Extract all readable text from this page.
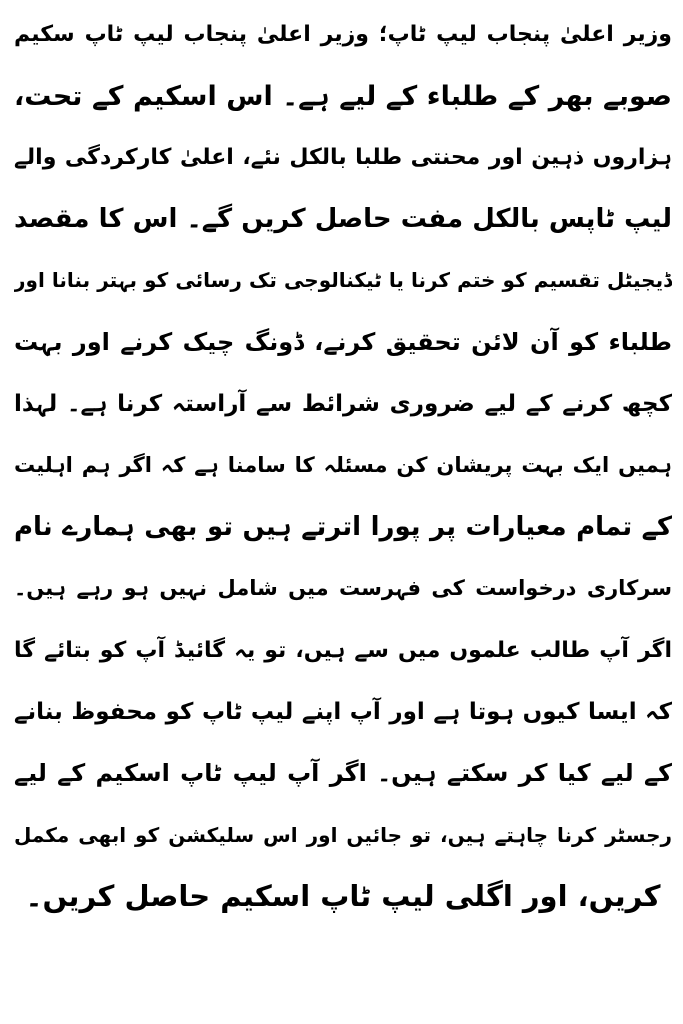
وزیر اعلیٰ پنجاب لیپ ٹاپ؛ وزیر اعلیٰ پنجاب لیپ ٹاپ سکیم
صوبے بھر کے طلباء کے لیے ہے۔ اس اسکیم کے تحت،
ہزاروں ذہین اور محنتی طلبا بالکل نئے، اعلیٰ کارکردگی والے
لیپ ٹاپس بالکل مفت حاصل کریں گے۔ اس کا مقصد
ڈیجیٹل تقسیم کو ختم کرنا یا ٹیکنالوجی تک رسائی کو بہتر بنانا اور
طلباء کو آن لائن تحقیق کرنے، ڈونگ چیک کرنے اور بہت
کچھ کرنے کے لیے ضروری شرائط سے آراستہ کرنا ہے۔ لہذا
ہمیں ایک بہت پریشان کن مسئلہ کا سامنا ہے کہ اگر ہم اہلیت
کے تمام معیارات پر پورا اترتے ہیں تو بھی ہمارے نام
سرکاری درخواست کی فہرست میں شامل نہیں ہو رہے ہیں۔
اگر آپ طالب علموں میں سے ہیں، تو یہ گائیڈ آپ کو بتائے گا
کہ ایسا کیوں ہوتا ہے اور آپ اپنے لیپ ٹاپ کو محفوظ بنانے
کے لیے کیا کر سکتے ہیں۔ اگر آپ لیپ ٹاپ اسکیم کے لیے
رجسٹر کرنا چاہتے ہیں، تو جائیں اور اس سلیکشن کو ابھی مکمل
کریں، اور اگلی لیپ ٹاپ اسکیم حاصل کریں۔
